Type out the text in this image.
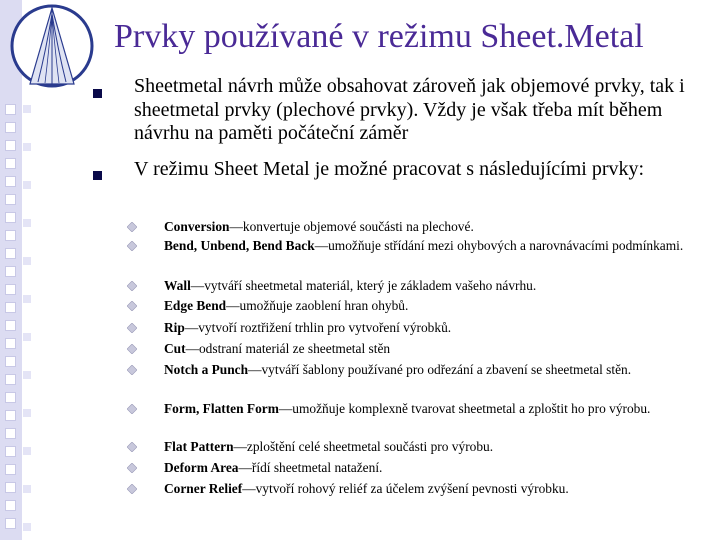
Prvky používané v režimu Sheet.Metal
Sheetmetal návrh může obsahovat zároveň jak objemové prvky, tak i sheetmetal prvky (plechové prvky). Vždy je však třeba mít během návrhu na paměti počáteční záměr
V režimu Sheet Metal je možné pracovat s následujícími prvky:
Conversion—konvertuje objemové součásti na plechové.
Bend, Unbend, Bend Back—umožňuje střídání mezi ohybových a narovnávacími podmínkami.
Wall—vytváří sheetmetal materiál, který je základem vašeho návrhu.
Edge Bend—umožňuje zaoblení hran ohybů.
Rip—vytvoří roztřižení trhlin pro vytvoření výrobků.
Cut—odstraní materiál ze sheetmetal stěn
Notch a Punch—vytváří šablony používané pro odřezání a zbavení se sheetmetal stěn.
Form, Flatten Form—umožňuje komplexně tvarovat sheetmetal a zploštit ho pro výrobu.
Flat Pattern—zploštění celé sheetmetal součásti pro výrobu.
Deform Area—řídí sheetmetal natažení.
Corner Relief—vytvoří rohový reliéf za účelem zvýšení pevnosti výrobku.
